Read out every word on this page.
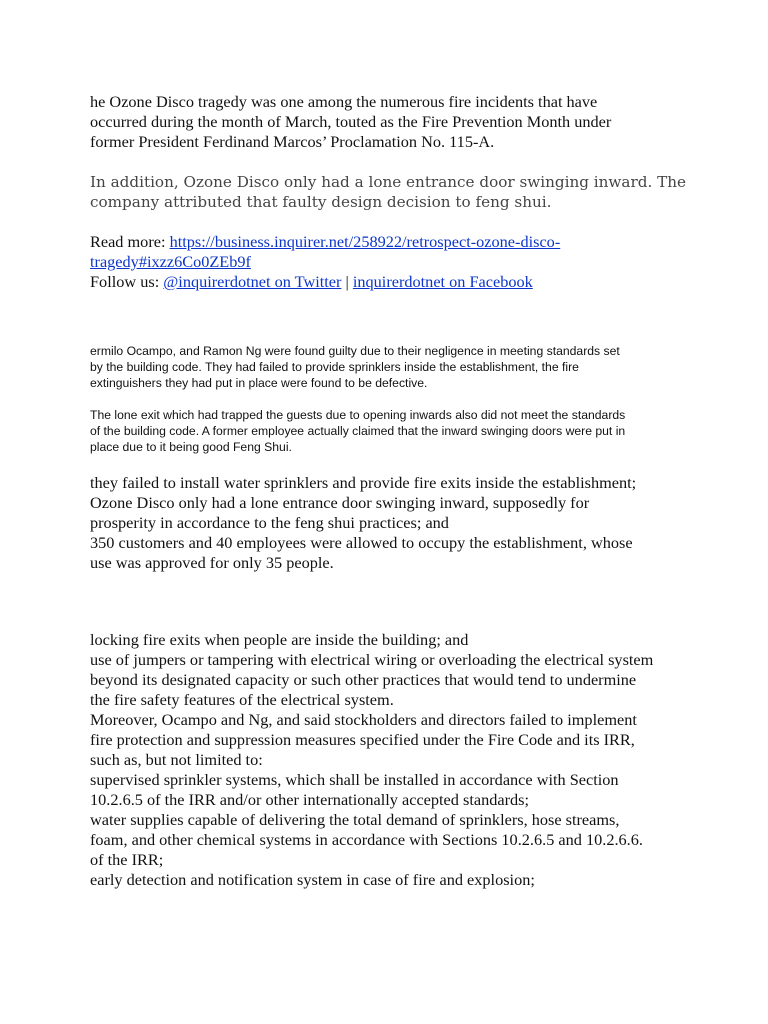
he Ozone Disco tragedy was one among the numerous fire incidents that have
occurred during the month of March, touted as the Fire Prevention Month under
former President Ferdinand Marcos’ Proclamation No. 115-A.
In addition, Ozone Disco only had a lone entrance door swinging inward. The
company attributed that faulty design decision to feng shui.
Read more: https://business.inquirer.net/258922/retrospect-ozone-disco-
tragedy#ixzz6Co0ZEb9f
Follow us: @inquirerdotnet on Twitter | inquirerdotnet on Facebook
ermilo Ocampo, and Ramon Ng were found guilty due to their negligence in meeting standards set
by the building code. They had failed to provide sprinklers inside the establishment, the fire
extinguishers they had put in place were found to be defective.
The lone exit which had trapped the guests due to opening inwards also did not meet the standards
of the building code. A former employee actually claimed that the inward swinging doors were put in
place due to it being good Feng Shui.
they failed to install water sprinklers and provide fire exits inside the establishment;
Ozone Disco only had a lone entrance door swinging inward, supposedly for
prosperity in accordance to the feng shui practices; and
350 customers and 40 employees were allowed to occupy the establishment, whose
use was approved for only 35 people.
locking fire exits when people are inside the building; and
use of jumpers or tampering with electrical wiring or overloading the electrical system
beyond its designated capacity or such other practices that would tend to undermine
the fire safety features of the electrical system.
Moreover, Ocampo and Ng, and said stockholders and directors failed to implement
fire protection and suppression measures specified under the Fire Code and its IRR,
such as, but not limited to:
supervised sprinkler systems, which shall be installed in accordance with Section
10.2.6.5 of the IRR and/or other internationally accepted standards;
water supplies capable of delivering the total demand of sprinklers, hose streams,
foam, and other chemical systems in accordance with Sections 10.2.6.5 and 10.2.6.6.
of the IRR;
early detection and notification system in case of fire and explosion;
